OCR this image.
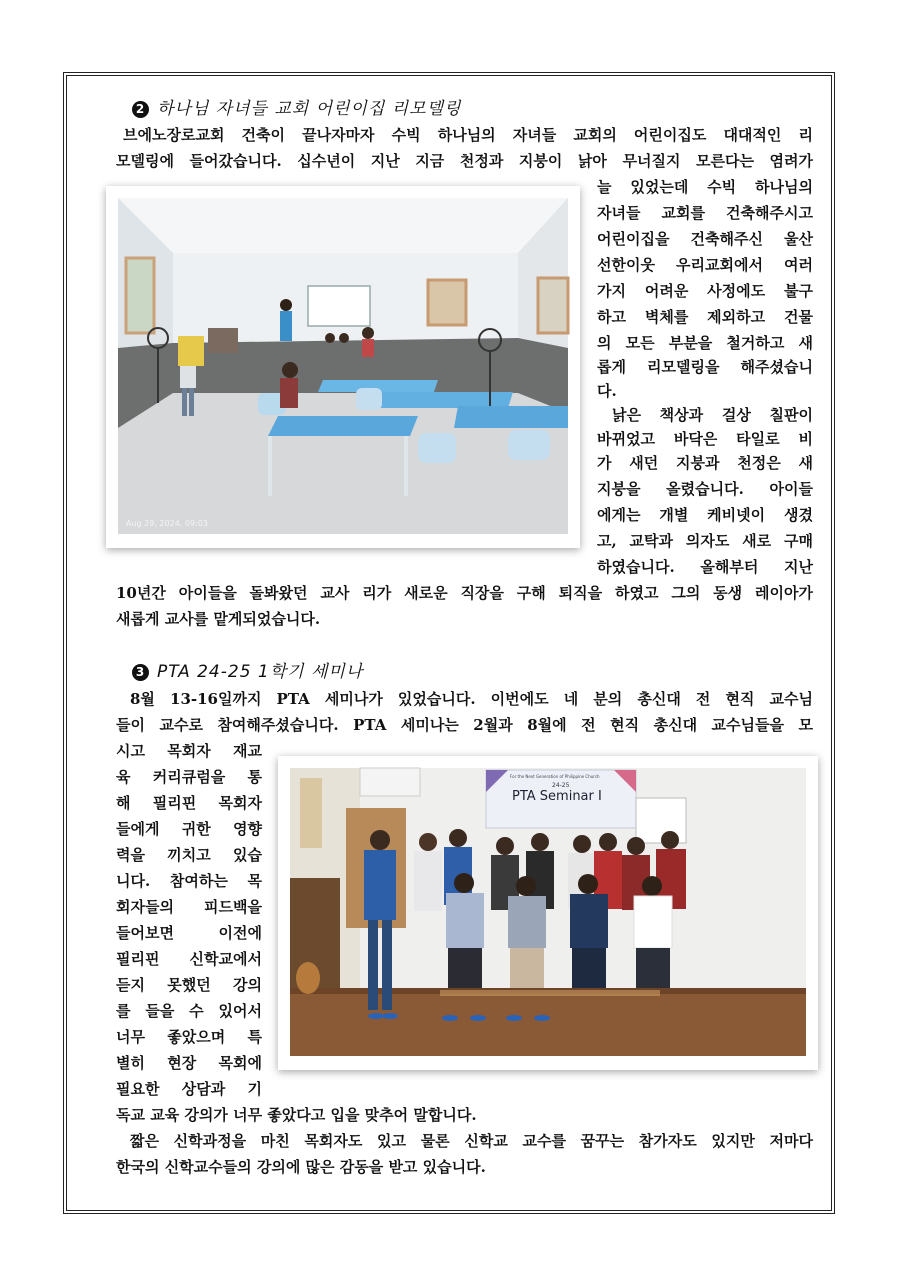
2 하나님 자녀들 교회 어린이집 리모델링
브에노장로교회 건축이 끝나자마자 수빅 하나님의 자녀들 교회의 어린이집도 대대적인 리
모델링에 들어갔습니다. 십수년이 지난 지금 천정과 지붕이 낡아 무너질지 모른다는 염려가
늘 있었는데 수빅 하나님의
자녀들 교회를 건축해주시고
어린이집을 건축해주신 울산
선한이웃 우리교회에서 여러
가지 어려운 사정에도 불구
하고 벽체를 제외하고 건물
의 모든 부분을 철거하고 새
롭게 리모델링을 해주셨습니
다.
낡은 책상과 걸상 칠판이
바뀌었고 바닥은 타일로 비
가 새던 지붕과 천정은 새
지붕을 올렸습니다. 아이들
에게는 개별 케비넷이 생겼
고, 교탁과 의자도 새로 구매
하였습니다. 올해부터 지난
10년간 아이들을 돌봐왔던 교사 리가 새로운 직장을 구해 퇴직을 하였고 그의 동생 레이아가
새롭게 교사를 맡게되었습니다.
Aug 29, 2024, 09:03
3 PTA 24-25 1학기 세미나
8월 13-16일까지 PTA 세미나가 있었습니다. 이번에도 네 분의 총신대 전 현직 교수님
들이 교수로 참여해주셨습니다. PTA 세미나는 2월과 8월에 전 현직 총신대 교수님들을 모
시고 목회자 재교
육 커리큐럼을 통
해 필리핀 목회자
들에게 귀한 영향
력을 끼치고 있습
니다. 참여하는 목
회자들의 피드백을
들어보면 이전에
필리핀 신학교에서
듣지 못했던 강의
를 들을 수 있어서
너무 좋았으며 특
별히 현장 목회에
필요한 상담과 기
독교 교육 강의가 너무 좋았다고 입을 맞추어 말합니다.
짧은 신학과정을 마친 목회자도 있고 물론 신학교 교수를 꿈꾸는 참가자도 있지만 저마다
한국의 신학교수들의 강의에 많은 감동을 받고 있습니다.
For the Next Generation of Philippine Church
24-25
PTA Seminar Ⅰ
